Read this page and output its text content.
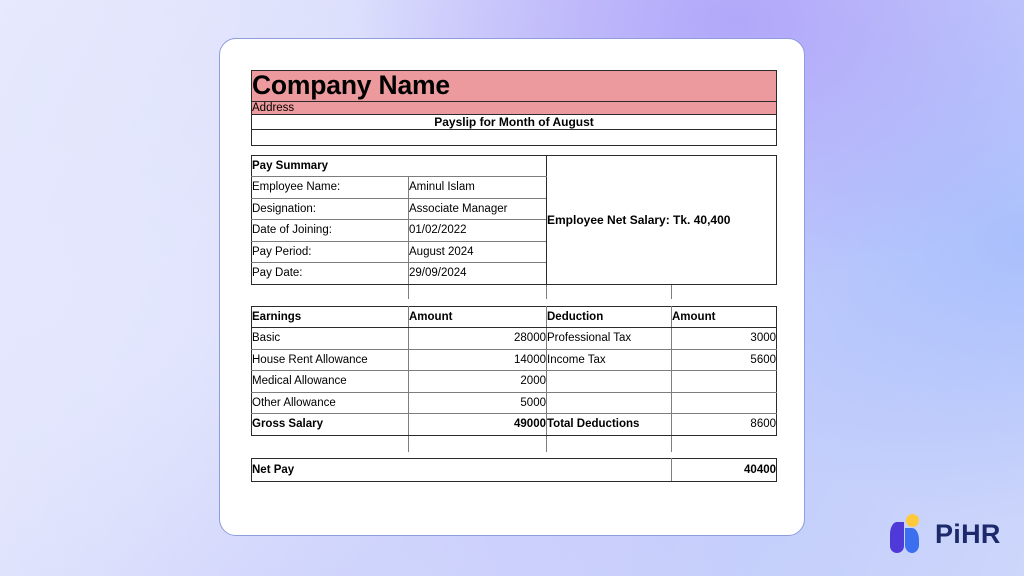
Company Name			
Address			
Payslip for Month of August			

Pay Summary		Employee Net Salary: Tk. 40,400	
Employee Name:	Aminul Islam		
Designation:	Associate Manager		
Date of Joining:	01/02/2022		
Pay Period:	August 2024		
Pay Date:	29/09/2024		

Earnings	Amount	Deduction	Amount
Basic	28000	Professional Tax	3000
House Rent Allowance	14000	Income Tax	5600
Medical Allowance	2000		
Other Allowance	5000		
Gross Salary	49000	Total Deductions	8600

Net Pay			40400
PiHR
